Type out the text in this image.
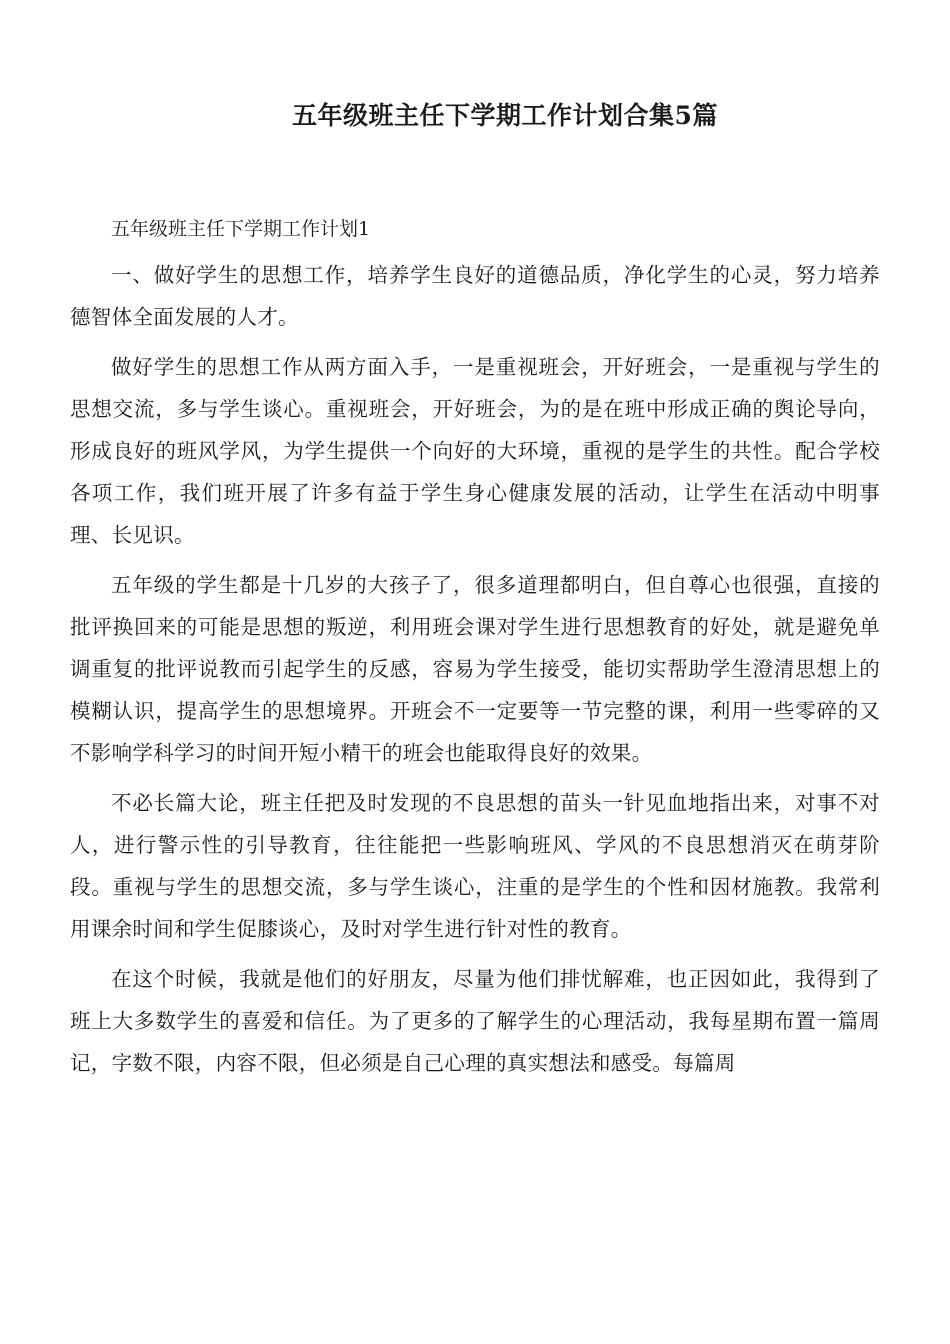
五年级班主任下学期工作计划合集5篇

五年级班主任下学期工作计划1

一、做好学生的思想工作，培养学生良好的道德品质，净化学生的心灵，努力培养德智体全面发展的人才。

做好学生的思想工作从两方面入手，一是重视班会，开好班会，一是重视与学生的思想交流，多与学生谈心。重视班会，开好班会，为的是在班中形成正确的舆论导向，形成良好的班风学风，为学生提供一个向好的大环境，重视的是学生的共性。配合学校各项工作，我们班开展了许多有益于学生身心健康发展的活动，让学生在活动中明事理、长见识。

五年级的学生都是十几岁的大孩子了，很多道理都明白，但自尊心也很强，直接的批评换回来的可能是思想的叛逆，利用班会课对学生进行思想教育的好处，就是避免单调重复的批评说教而引起学生的反感，容易为学生接受，能切实帮助学生澄清思想上的模糊认识，提高学生的思想境界。开班会不一定要等一节完整的课，利用一些零碎的又不影响学科学习的时间开短小精干的班会也能取得良好的效果。

不必长篇大论，班主任把及时发现的不良思想的苗头一针见血地指出来，对事不对人，进行警示性的引导教育，往往能把一些影响班风、学风的不良思想消灭在萌芽阶段。重视与学生的思想交流，多与学生谈心，注重的是学生的个性和因材施教。我常利用课余时间和学生促膝谈心，及时对学生进行针对性的教育。

在这个时候，我就是他们的好朋友，尽量为他们排忧解难，也正因如此，我得到了班上大多数学生的喜爱和信任。为了更多的了解学生的心理活动，我每星期布置一篇周记，字数不限，内容不限，但必须是自己心理的真实想法和感受。每篇周
